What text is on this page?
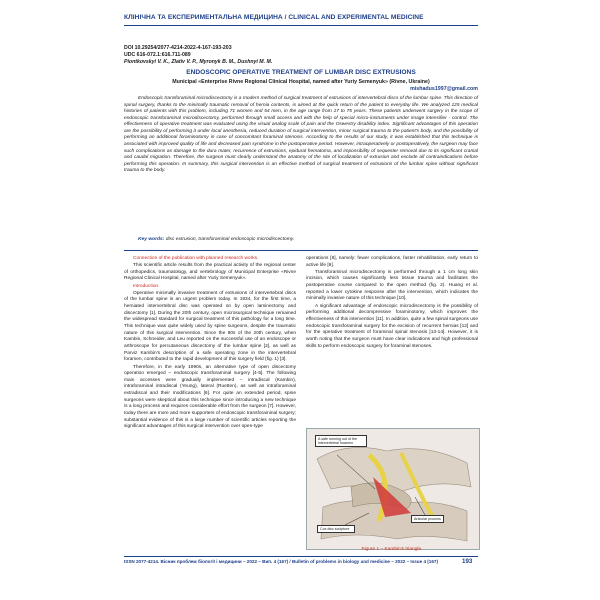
КЛІНІЧНА ТА ЕКСПЕРИМЕНТАЛЬНА МЕДИЦИНА / CLINICAL AND EXPERIMENTAL MEDICINE
DOI 10.29254/2077-4214-2022-4-167-193-203
UDC 616-072.1:616.711-089
Piontkovskyi V. K., Zlativ V. P., Myronyk B. M., Dushnyi M. M.
ENDOSCOPIC OPERATIVE TREATMENT OF LUMBAR DISC EXTRUSIONS
Municipal «Enterprise Rivne Regional Clinical Hospital, named after Yuriy Semenyuk» (Rivne, Ukraine)
mishadus1997@gmail.com

Endoscopic transforaminal microdiscectomy is a modern method of surgical treatment of extrusions of intervertebral discs of the lumbar spine. This direction of spinal surgery, thanks to the minimally traumatic removal of hernia contents, is aimed at the quick return of the patient to everyday life. We analyzed 125 medical histories of patients with this problem, including 71 women and 54 men, in the age range from 17 to 75 years. These patients underwent surgery in the scope of endoscopic transforaminal microdiscectomy, performed through small access and with the help of special micro-instruments under image intensifier - control. The effectiveness of operative treatment was evaluated using the visual analog scale of pain and the Oswestry disability index. Significant advantages of this operation are the possibility of performing it under local anesthesia, reduced duration of surgical intervention, minor surgical trauma to the patient's body, and the possibility of performing an additional foraminotomy in case of concomitant foraminal stenosis. According to the results of our study, it was established that this technique is associated with improved quality of life and decreased pain syndrome in the postoperative period. However, intraoperatively or postoperatively, the surgeon may face such complications as damage to the dura mater, recurrence of extrusions, epidural hematoma, and impossibility of sequester removal due to its significant cranial and caudal migration. Therefore, the surgeon must clearly understand the anatomy of the site of localization of extrusion and exclude all contraindications before performing this operation. In summary, this surgical intervention is an effective method of surgical treatment of extrusions of the lumbar spine without significant trauma to the body.

Key words: disc extrusion, transforaminal endoscopic microdiscectomy.

Connection of the publication with planned research works.

This scientific article results from the practical activity of the regional center of orthopedics, traumatology, and vertebrology of Municipal Enterprise «Rivne Regional Clinical Hospital, named after Yuriy Semenyuk».

Introduction.

Operative minimally invasive treatment of extrusions of intervertebral discs of the lumbar spine is an urgent problem today. In 1934, for the first time, a herniated intervertebral disc was operated on by open laminectomy and discectomy [1]. During the 20th century, open microsurgical technique remained the widespread standard for surgical treatment of this pathology for a long time. This technique was quite widely used by spine surgeons, despite the traumatic nature of this surgical intervention. Since the 80s of the 20th century, when Kambin, Schneider, and Leu reported on the successful use of an endoscope or arthroscope for percutaneous discectomy of the lumbar spine [2], as well as Parviz Kambin's description of a safe operating zone in the intervertebral foramen, contributed to the rapid development of this surgery field (fig. 1) [3].

Therefore, in the early 1990s, an alternative type of open discectomy operation emerged – endoscopic transforaminal surgery [4-5]. The following main accesses were gradually implemented – intradiscal (Kambin), intraforaminal intradiscal (Yeung), lateral (Ruetten), as well as intraforaminal extradiscal and their modifications [6]. For quite an extended period, spine surgeons were skeptical about this technique since introducing a new technique is a long process and requires considerable effort from the surgeon [7]. However, today there are more and more supporters of endoscopic transforaminal surgery; substantial evidence of this is a large number of scientific articles reporting the significant advantages of this surgical intervention over open-type

operations [8], namely: fewer complications, faster rehabilitation, early return to active life [9].

Transforaminal microdiscectomy is performed through a 1 cm long skin incision, which causes significantly less tissue trauma and facilitates the postoperative course compared to the open method (fig. 2). Huang et al. reported a lower cytokine response after the intervention, which indicates the minimally invasive nature of this technique [10].

A significant advantage of endoscopic microdiscectomy is the possibility of performing additional decompressive foraminotomy, which improves the effectiveness of this intervention [11]. In addition, quite a few spinal surgeons use endoscopic transforaminal surgery for the excision of recurrent hernias [12] and for the operative treatment of foraminal spinal stenosis [13-14]. However, it is worth noting that the surgeon must have clear indications and high professional skills to perform endoscopic surgery for foraminal stenoses.

A safe running out of the intervertebral foramen
Articular process
Cox disc sculpture
Figure 1 – Kambin's triangle.
ISSN 2077-4214. Вісник проблем біології і медицини – 2022 – Вип. 4 (167) / Bulletin of problems in biology and medicine – 2022 – Issue 4 (167)	193
